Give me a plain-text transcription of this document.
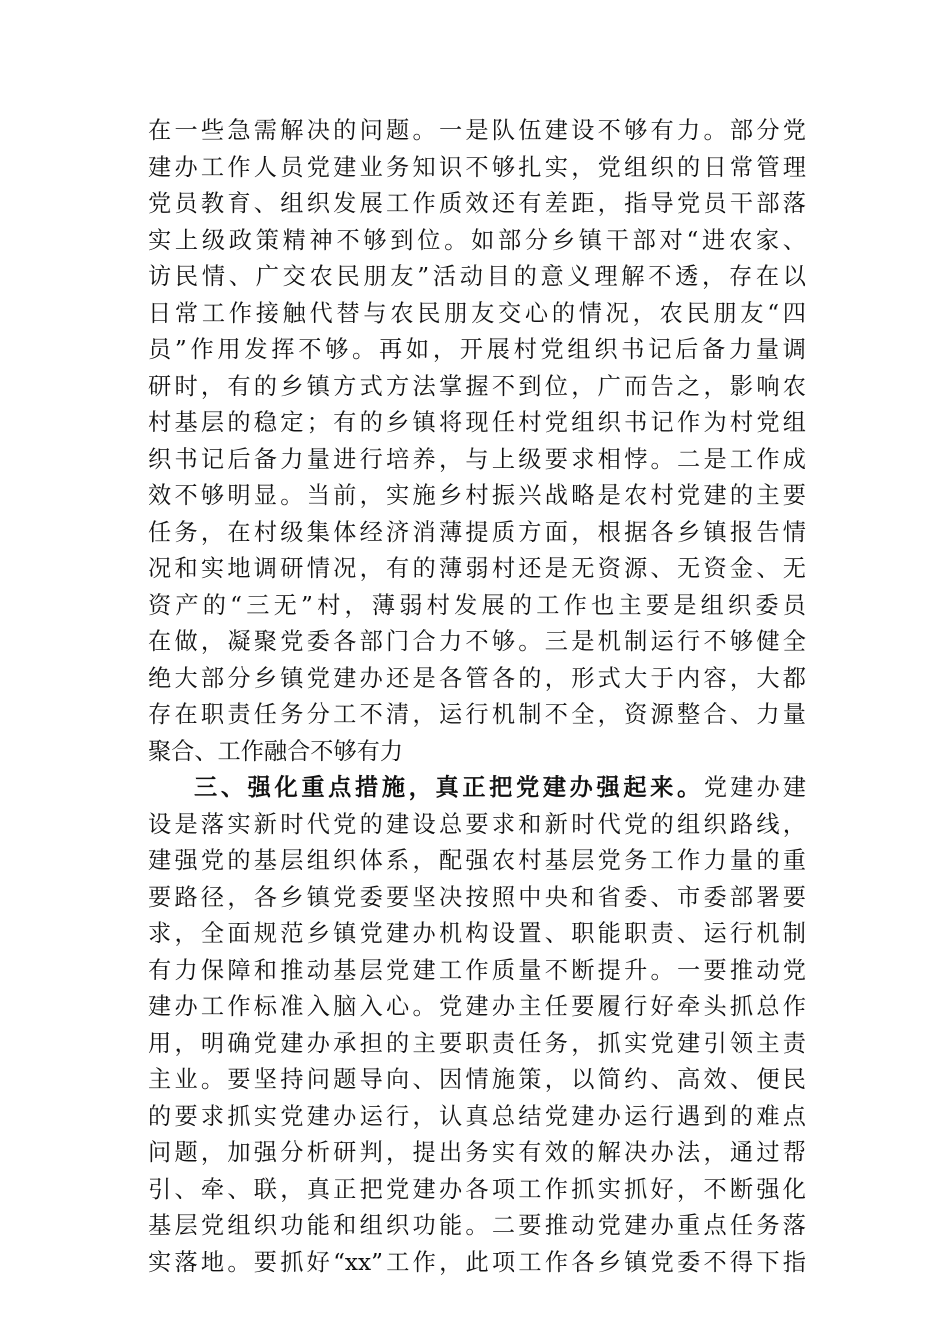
在一些急需解决的问题。一是队伍建设不够有力。部分党
建办工作人员党建业务知识不够扎实，党组织的日常管理
党员教育、组织发展工作质效还有差距，指导党员干部落
实上级政策精神不够到位。如部分乡镇干部对“进农家、
访民情、广交农民朋友”活动目的意义理解不透，存在以
日常工作接触代替与农民朋友交心的情况，农民朋友“四
员”作用发挥不够。再如，开展村党组织书记后备力量调
研时，有的乡镇方式方法掌握不到位，广而告之，影响农
村基层的稳定；有的乡镇将现任村党组织书记作为村党组
织书记后备力量进行培养，与上级要求相悖。二是工作成
效不够明显。当前，实施乡村振兴战略是农村党建的主要
任务，在村级集体经济消薄提质方面，根据各乡镇报告情
况和实地调研情况，有的薄弱村还是无资源、无资金、无
资产的“三无”村，薄弱村发展的工作也主要是组织委员
在做，凝聚党委各部门合力不够。三是机制运行不够健全
绝大部分乡镇党建办还是各管各的，形式大于内容，大都
存在职责任务分工不清，运行机制不全，资源整合、力量
聚合、工作融合不够有力
三、强化重点措施，真正把党建办强起来。党建办建
设是落实新时代党的建设总要求和新时代党的组织路线，
建强党的基层组织体系，配强农村基层党务工作力量的重
要路径，各乡镇党委要坚决按照中央和省委、市委部署要
求，全面规范乡镇党建办机构设置、职能职责、运行机制
有力保障和推动基层党建工作质量不断提升。一要推动党
建办工作标准入脑入心。党建办主任要履行好牵头抓总作
用，明确党建办承担的主要职责任务，抓实党建引领主责
主业。要坚持问题导向、因情施策，以简约、高效、便民
的要求抓实党建办运行，认真总结党建办运行遇到的难点
问题，加强分析研判，提出务实有效的解决办法，通过帮
引、牵、联，真正把党建办各项工作抓实抓好，不断强化
基层党组织功能和组织功能。二要推动党建办重点任务落
实落地。要抓好“xx”工作，此项工作各乡镇党委不得下指
